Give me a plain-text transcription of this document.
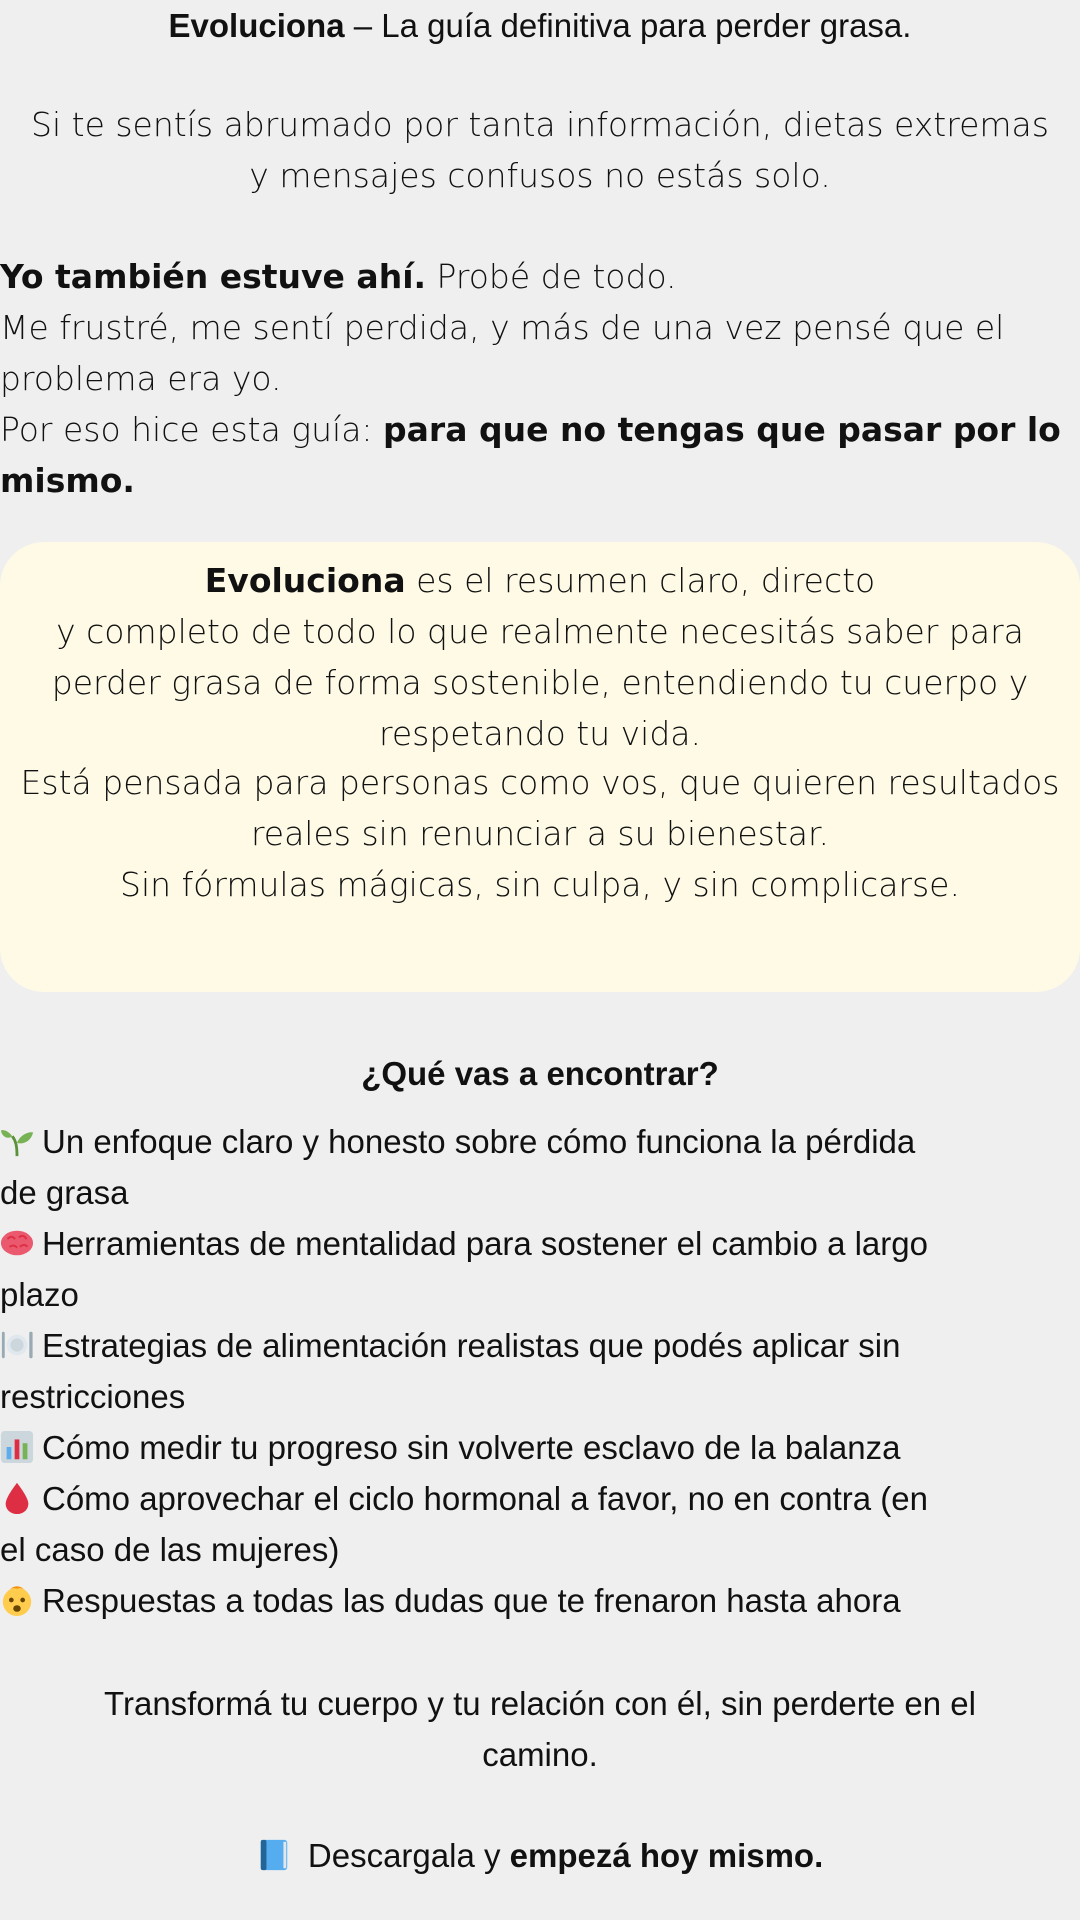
Evoluciona – La guía definitiva para perder grasa.

Si te sentís abrumado por tanta información, dietas extremas

y mensajes confusos no estás solo.

Yo también estuve ahí. Probé de todo.

Me frustré, me sentí perdida, y más de una vez pensé que el

problema era yo.

Por eso hice esta guía: para que no tengas que pasar por lo

mismo.

Evoluciona es el resumen claro, directo

y completo de todo lo que realmente necesitás saber para

perder grasa de forma sostenible, entendiendo tu cuerpo y

respetando tu vida.

Está pensada para personas como vos, que quieren resultados

reales sin renunciar a su bienestar.

Sin fórmulas mágicas, sin culpa, y sin complicarse.

¿Qué vas a encontrar?

Un enfoque claro y honesto sobre cómo funciona la pérdida
de grasa
Herramientas de mentalidad para sostener el cambio a largo
plazo
Estrategias de alimentación realistas que podés aplicar sin
restricciones
Cómo medir tu progreso sin volverte esclavo de la balanza
Cómo aprovechar el ciclo hormonal a favor, no en contra (en
el caso de las mujeres)
Respuestas a todas las dudas que te frenaron hasta ahora

Transformá tu cuerpo y tu relación con él, sin perderte en el

camino.

Descargala y empezá hoy mismo.
